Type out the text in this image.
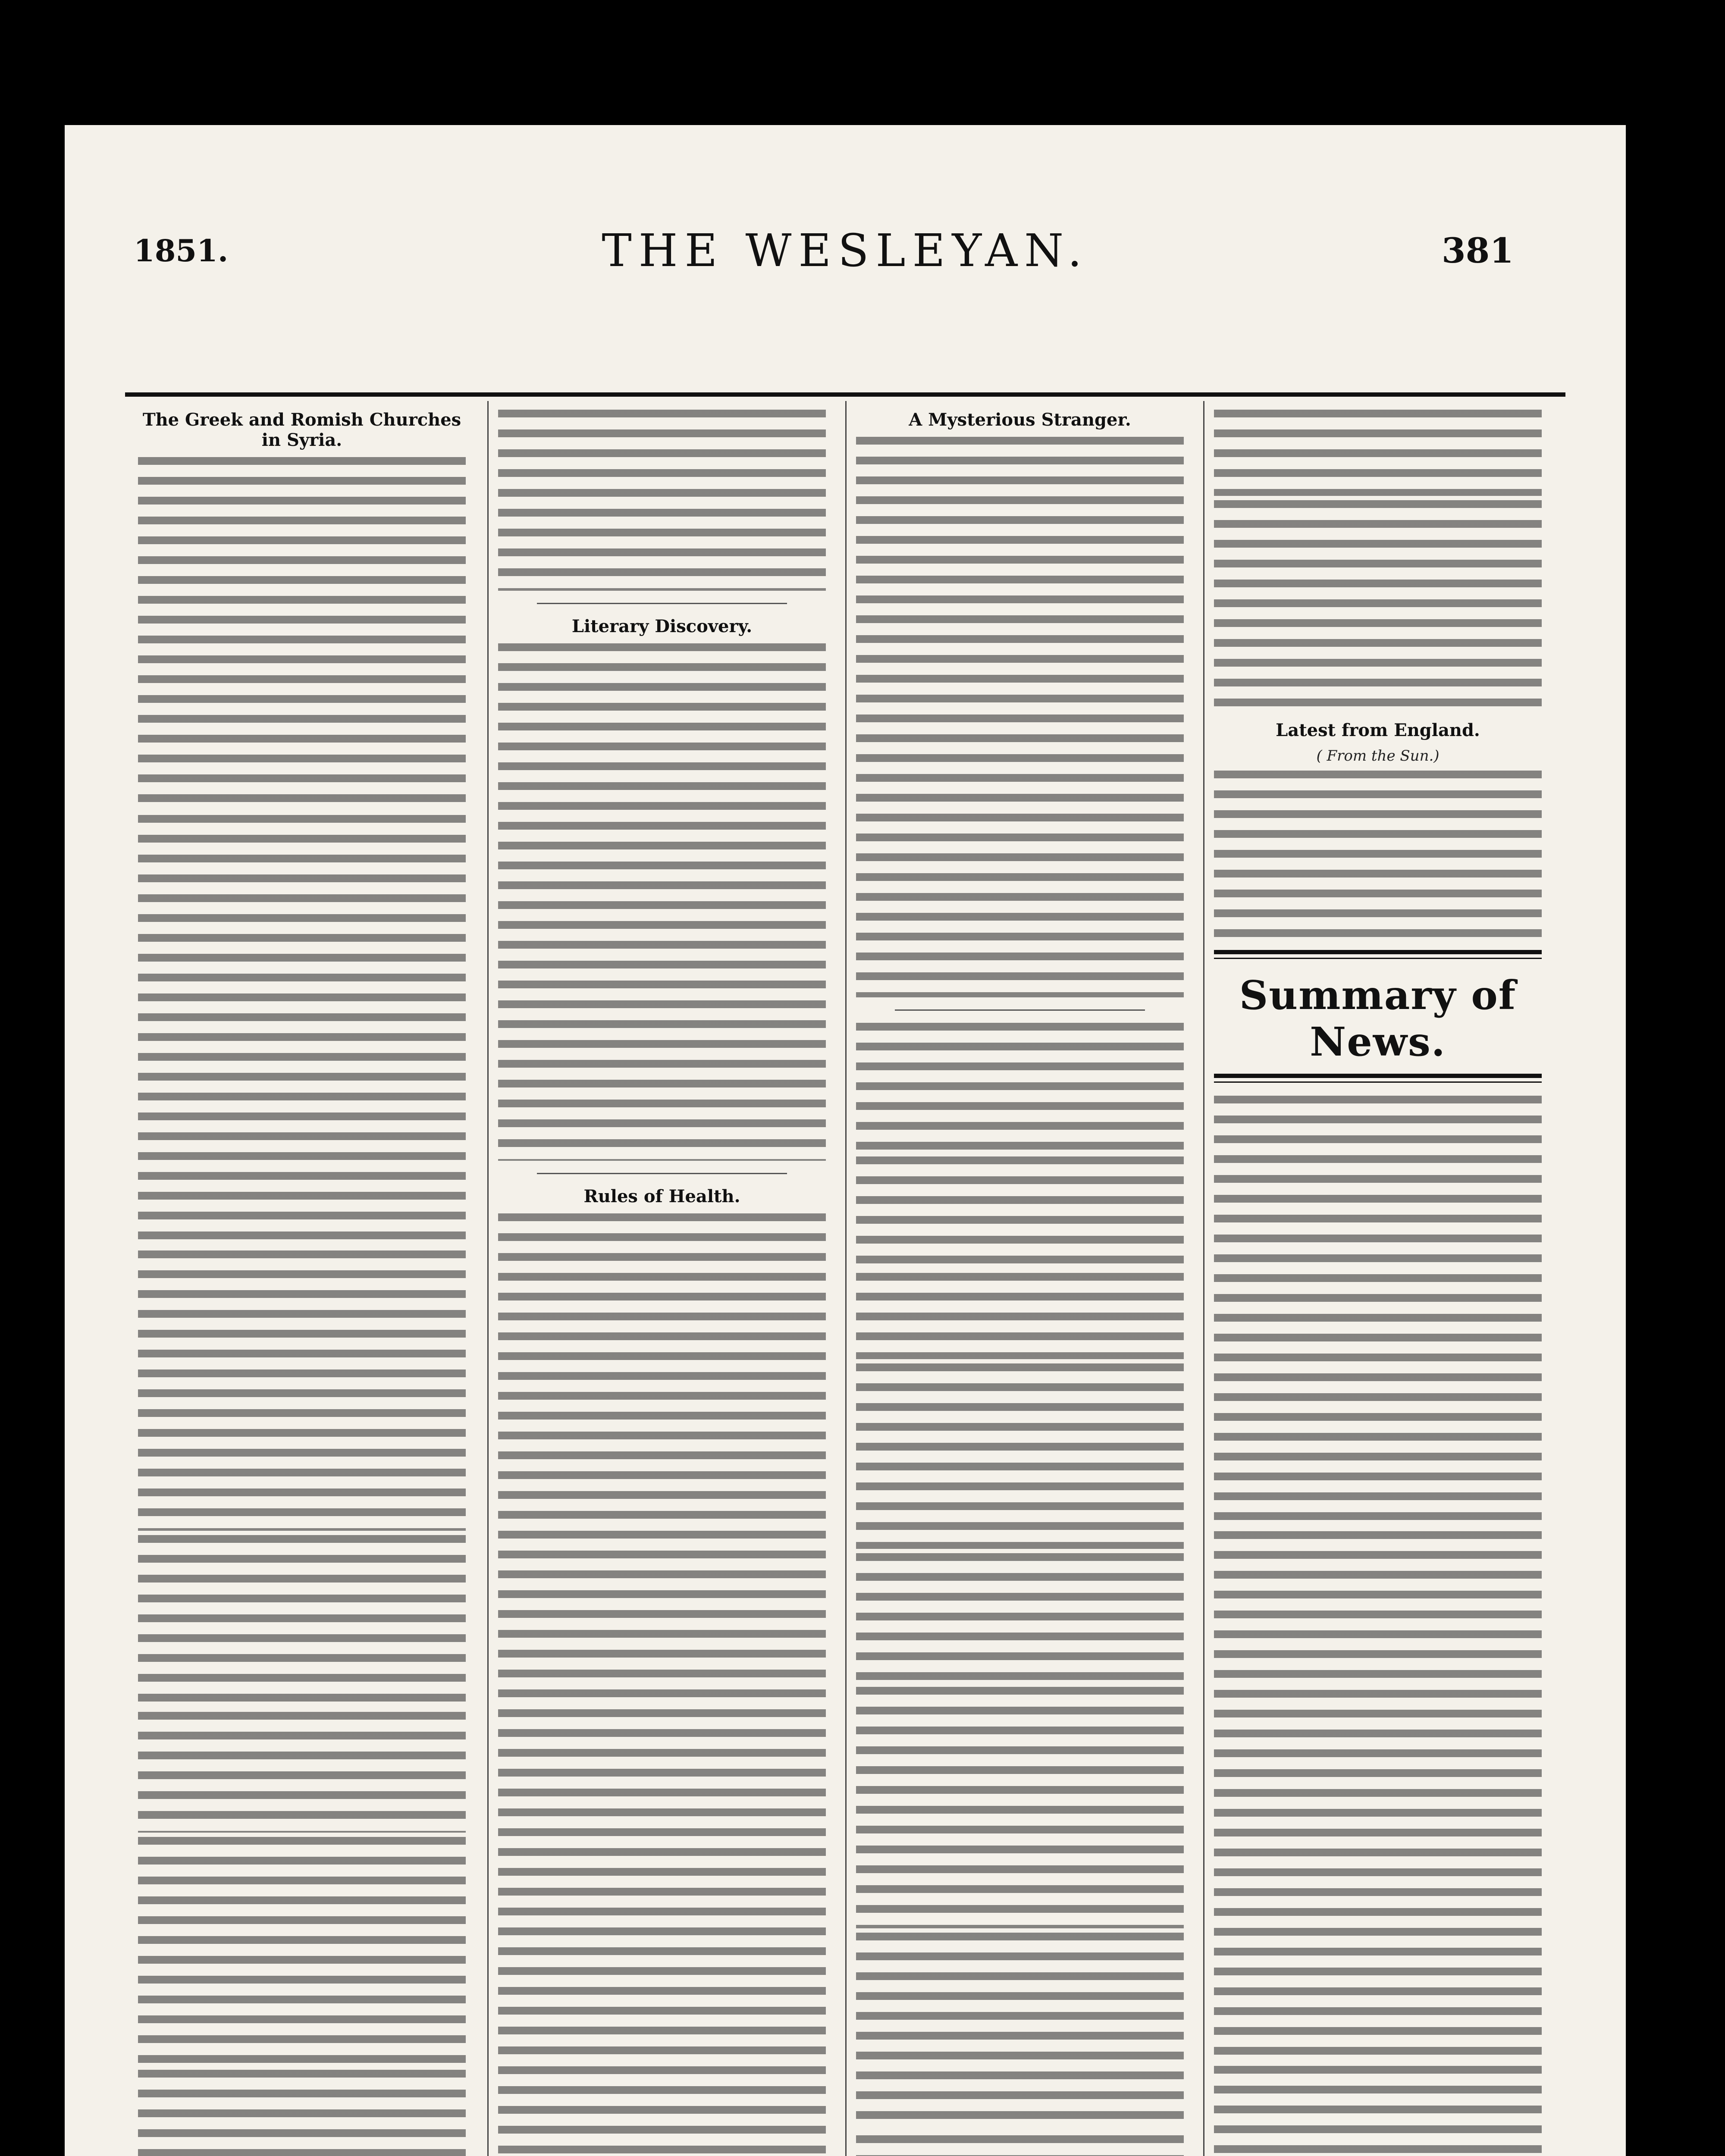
1851.	THE WESLEYAN.	381
The Greek and Romish Churches in Syria.
Literary Discovery.
Rules of Health.
A Mysterious Stranger.
Latest from England.
( From the Sun.)
Summary of News.
